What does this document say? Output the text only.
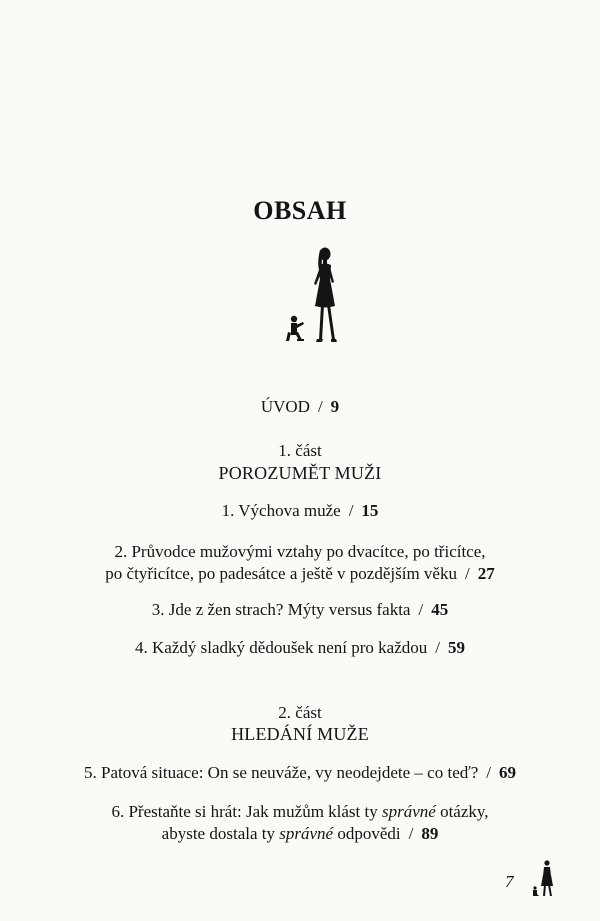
OBSAH
ÚVOD / 9
1. část
POROZUMĚT MUŽI
1. Výchova muže / 15
2. Průvodce mužovými vztahy po dvacítce, po třicítce,
po čtyřicítce, po padesátce a ještě v pozdějším věku / 27
3. Jde z žen strach? Mýty versus fakta / 45
4. Každý sladký dědoušek není pro každou / 59
2. část
HLEDÁNÍ MUŽE
5. Patová situace: On se neuváže, vy neodejdete – co teď? / 69
6. Přestaňte si hrát: Jak mužům klást ty správné otázky,
abyste dostala ty správné odpovědi / 89
7
